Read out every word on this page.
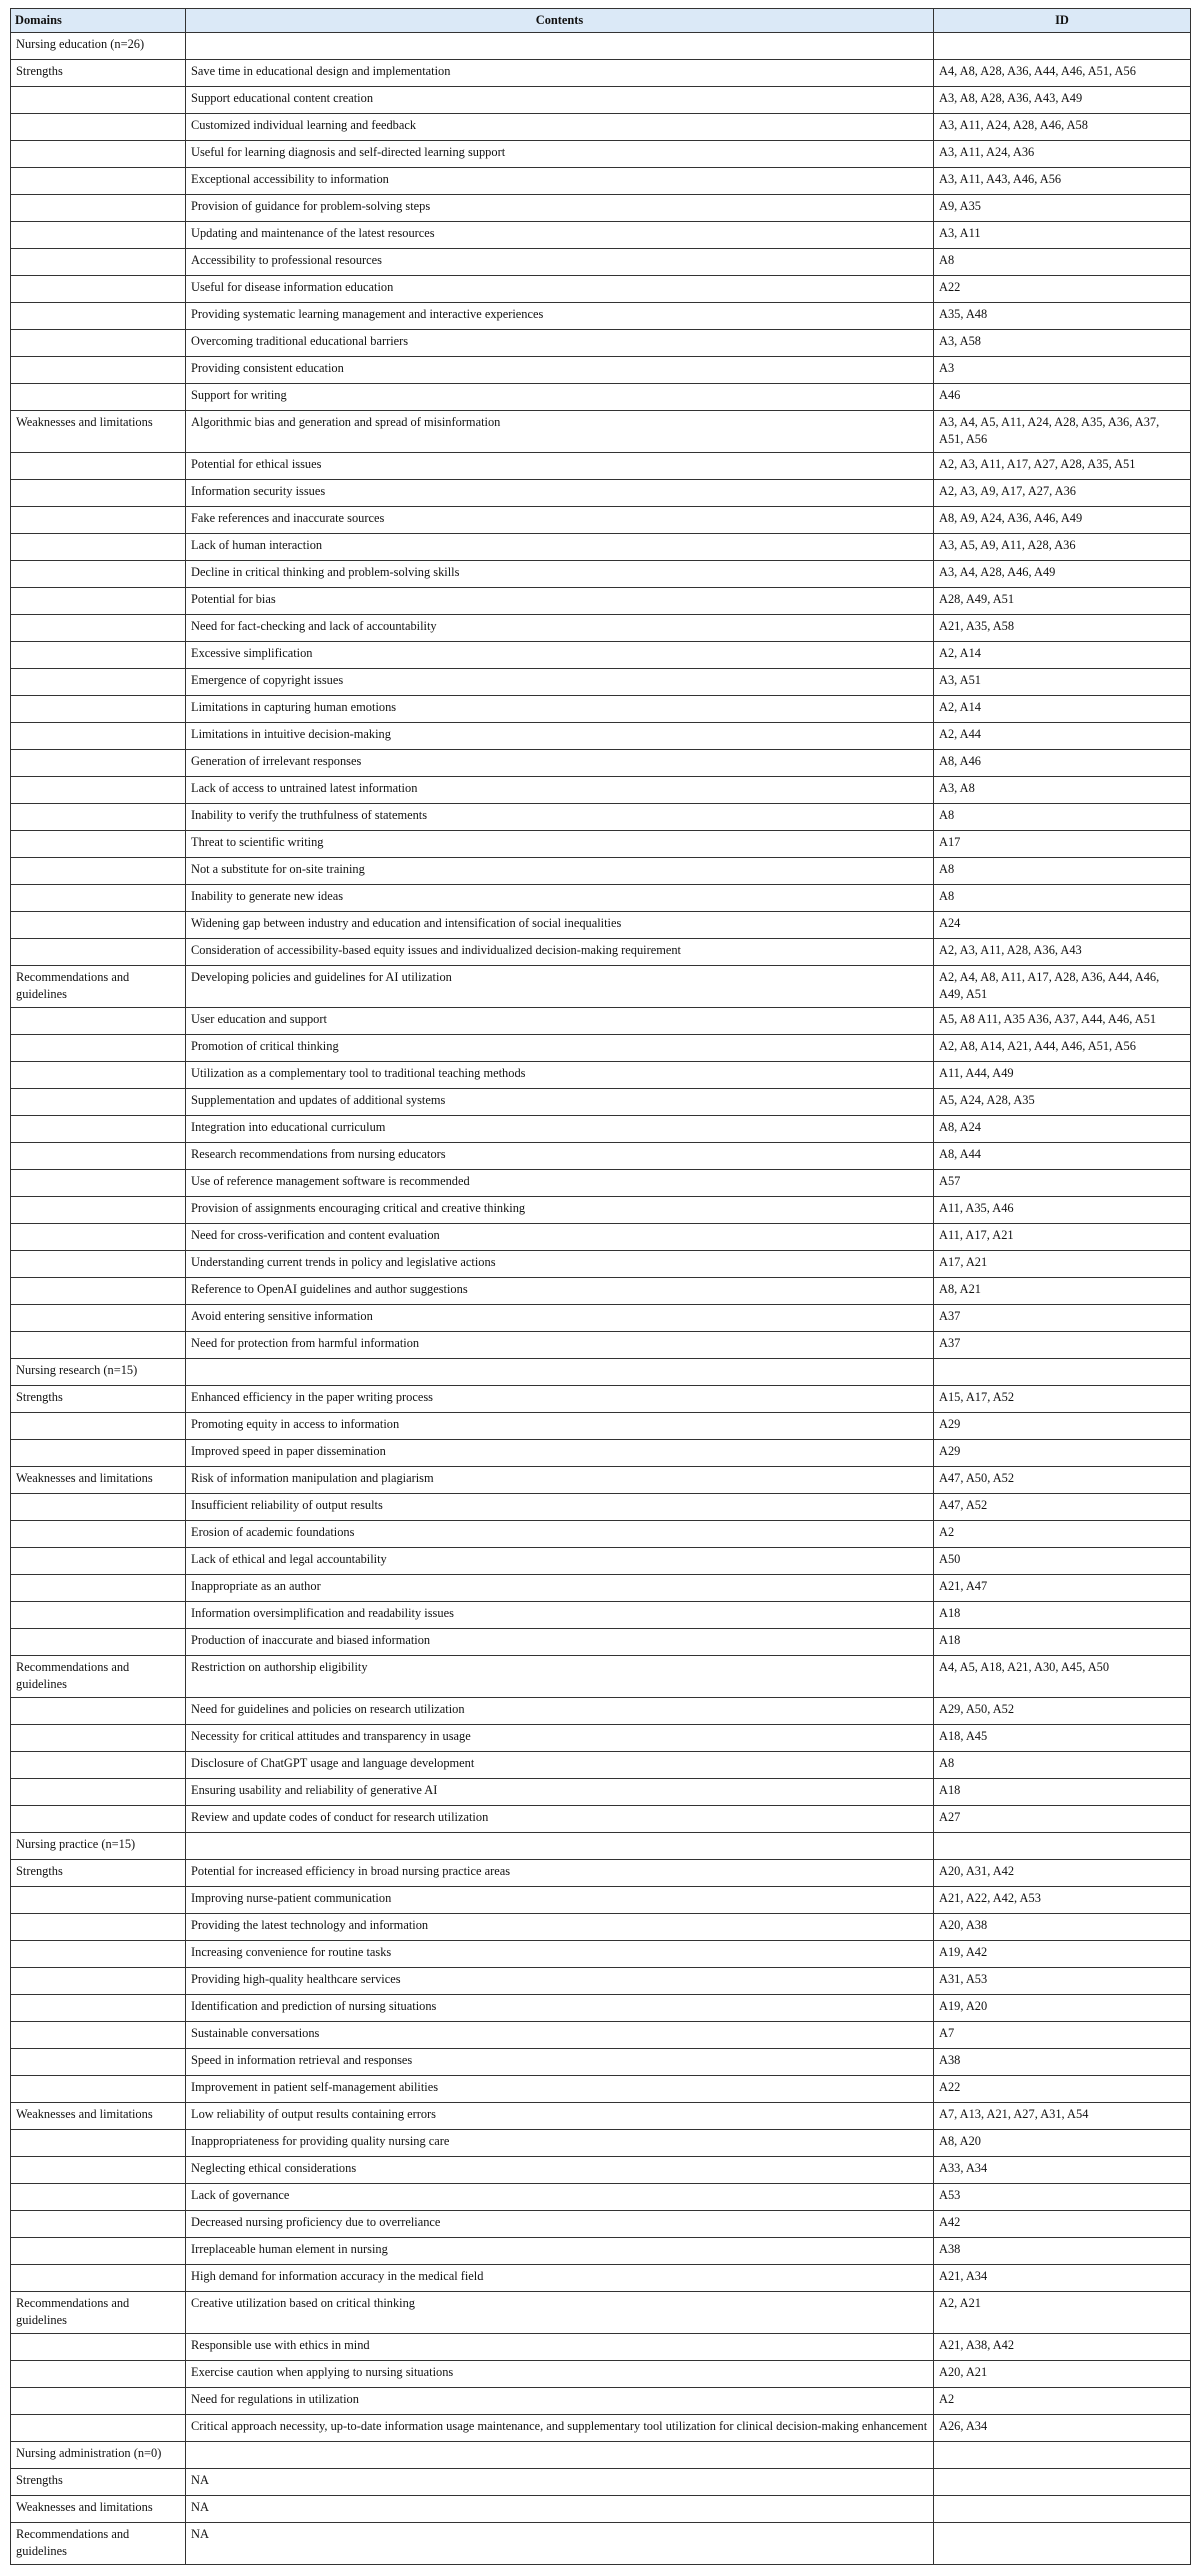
Domains	Contents	ID
Nursing education (n=26)		
Strengths	Save time in educational design and implementation	A4, A8, A28, A36, A44, A46, A51, A56
	Support educational content creation	A3, A8, A28, A36, A43, A49
	Customized individual learning and feedback	A3, A11, A24, A28, A46, A58
	Useful for learning diagnosis and self-directed learning support	A3, A11, A24, A36
	Exceptional accessibility to information	A3, A11, A43, A46, A56
	Provision of guidance for problem-solving steps	A9, A35
	Updating and maintenance of the latest resources	A3, A11
	Accessibility to professional resources	A8
	Useful for disease information education	A22
	Providing systematic learning management and interactive experiences	A35, A48
	Overcoming traditional educational barriers	A3, A58
	Providing consistent education	A3
	Support for writing	A46
Weaknesses and limitations	Algorithmic bias and generation and spread of misinformation	A3, A4, A5, A11, A24, A28, A35, A36, A37, A51, A56
	Potential for ethical issues	A2, A3, A11, A17, A27, A28, A35, A51
	Information security issues	A2, A3, A9, A17, A27, A36
	Fake references and inaccurate sources	A8, A9, A24, A36, A46, A49
	Lack of human interaction	A3, A5, A9, A11, A28, A36
	Decline in critical thinking and problem-solving skills	A3, A4, A28, A46, A49
	Potential for bias	A28, A49, A51
	Need for fact-checking and lack of accountability	A21, A35, A58
	Excessive simplification	A2, A14
	Emergence of copyright issues	A3, A51
	Limitations in capturing human emotions	A2, A14
	Limitations in intuitive decision-making	A2, A44
	Generation of irrelevant responses	A8, A46
	Lack of access to untrained latest information	A3, A8
	Inability to verify the truthfulness of statements	A8
	Threat to scientific writing	A17
	Not a substitute for on-site training	A8
	Inability to generate new ideas	A8
	Widening gap between industry and education and intensification of social inequalities	A24
	Consideration of accessibility-based equity issues and individualized decision-making requirement	A2, A3, A11, A28, A36, A43
Recommendations and guidelines	Developing policies and guidelines for AI utilization	A2, A4, A8, A11, A17, A28, A36, A44, A46, A49, A51
	User education and support	A5, A8 A11, A35 A36, A37, A44, A46, A51
	Promotion of critical thinking	A2, A8, A14, A21, A44, A46, A51, A56
	Utilization as a complementary tool to traditional teaching methods	A11, A44, A49
	Supplementation and updates of additional systems	A5, A24, A28, A35
	Integration into educational curriculum	A8, A24
	Research recommendations from nursing educators	A8, A44
	Use of reference management software is recommended	A57
	Provision of assignments encouraging critical and creative thinking	A11, A35, A46
	Need for cross-verification and content evaluation	A11, A17, A21
	Understanding current trends in policy and legislative actions	A17, A21
	Reference to OpenAI guidelines and author suggestions	A8, A21
	Avoid entering sensitive information	A37
	Need for protection from harmful information	A37
Nursing research (n=15)		
Strengths	Enhanced efficiency in the paper writing process	A15, A17, A52
	Promoting equity in access to information	A29
	Improved speed in paper dissemination	A29
Weaknesses and limitations	Risk of information manipulation and plagiarism	A47, A50, A52
	Insufficient reliability of output results	A47, A52
	Erosion of academic foundations	A2
	Lack of ethical and legal accountability	A50
	Inappropriate as an author	A21, A47
	Information oversimplification and readability issues	A18
	Production of inaccurate and biased information	A18
Recommendations and guidelines	Restriction on authorship eligibility	A4, A5, A18, A21, A30, A45, A50
	Need for guidelines and policies on research utilization	A29, A50, A52
	Necessity for critical attitudes and transparency in usage	A18, A45
	Disclosure of ChatGPT usage and language development	A8
	Ensuring usability and reliability of generative AI	A18
	Review and update codes of conduct for research utilization	A27
Nursing practice (n=15)		
Strengths	Potential for increased efficiency in broad nursing practice areas	A20, A31, A42
	Improving nurse-patient communication	A21, A22, A42, A53
	Providing the latest technology and information	A20, A38
	Increasing convenience for routine tasks	A19, A42
	Providing high-quality healthcare services	A31, A53
	Identification and prediction of nursing situations	A19, A20
	Sustainable conversations	A7
	Speed in information retrieval and responses	A38
	Improvement in patient self-management abilities	A22
Weaknesses and limitations	Low reliability of output results containing errors	A7, A13, A21, A27, A31, A54
	Inappropriateness for providing quality nursing care	A8, A20
	Neglecting ethical considerations	A33, A34
	Lack of governance	A53
	Decreased nursing proficiency due to overreliance	A42
	Irreplaceable human element in nursing	A38
	High demand for information accuracy in the medical field	A21, A34
Recommendations and guidelines	Creative utilization based on critical thinking	A2, A21
	Responsible use with ethics in mind	A21, A38, A42
	Exercise caution when applying to nursing situations	A20, A21
	Need for regulations in utilization	A2
	Critical approach necessity, up-to-date information usage maintenance, and supplementary tool utilization for clinical decision-making enhancement	A26, A34
Nursing administration (n=0)		
Strengths	NA	
Weaknesses and limitations	NA	
Recommendations and guidelines	NA	
